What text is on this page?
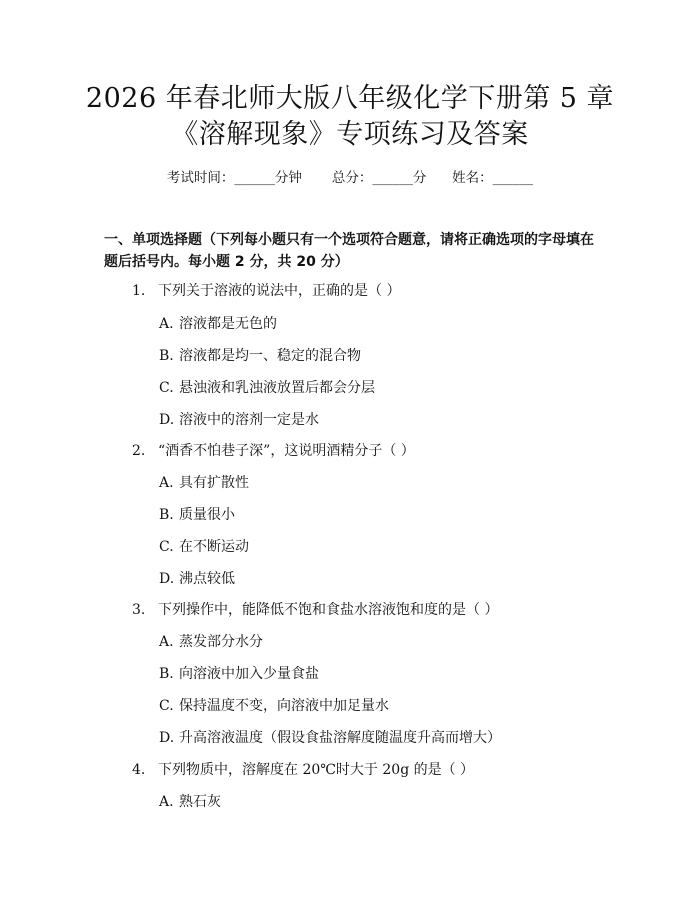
2026 年春北师大版八年级化学下册第 5 章
《溶解现象》专项练习及答案
考试时间：______分钟 总分：______分 姓名：______
一、单项选择题（下列每小题只有一个选项符合题意，请将正确选项的字母填在题后括号内。每小题 2 分，共 20 分）
1. 下列关于溶液的说法中，正确的是（ ）
A. 溶液都是无色的
B. 溶液都是均一、稳定的混合物
C. 悬浊液和乳浊液放置后都会分层
D. 溶液中的溶剂一定是水
2. “酒香不怕巷子深”，这说明酒精分子（ ）
A. 具有扩散性
B. 质量很小
C. 在不断运动
D. 沸点较低
3. 下列操作中，能降低不饱和食盐水溶液饱和度的是（ ）
A. 蒸发部分水分
B. 向溶液中加入少量食盐
C. 保持温度不变，向溶液中加足量水
D. 升高溶液温度（假设食盐溶解度随温度升高而增大）
4. 下列物质中，溶解度在 20℃时大于 20g 的是（ ）
A. 熟石灰
